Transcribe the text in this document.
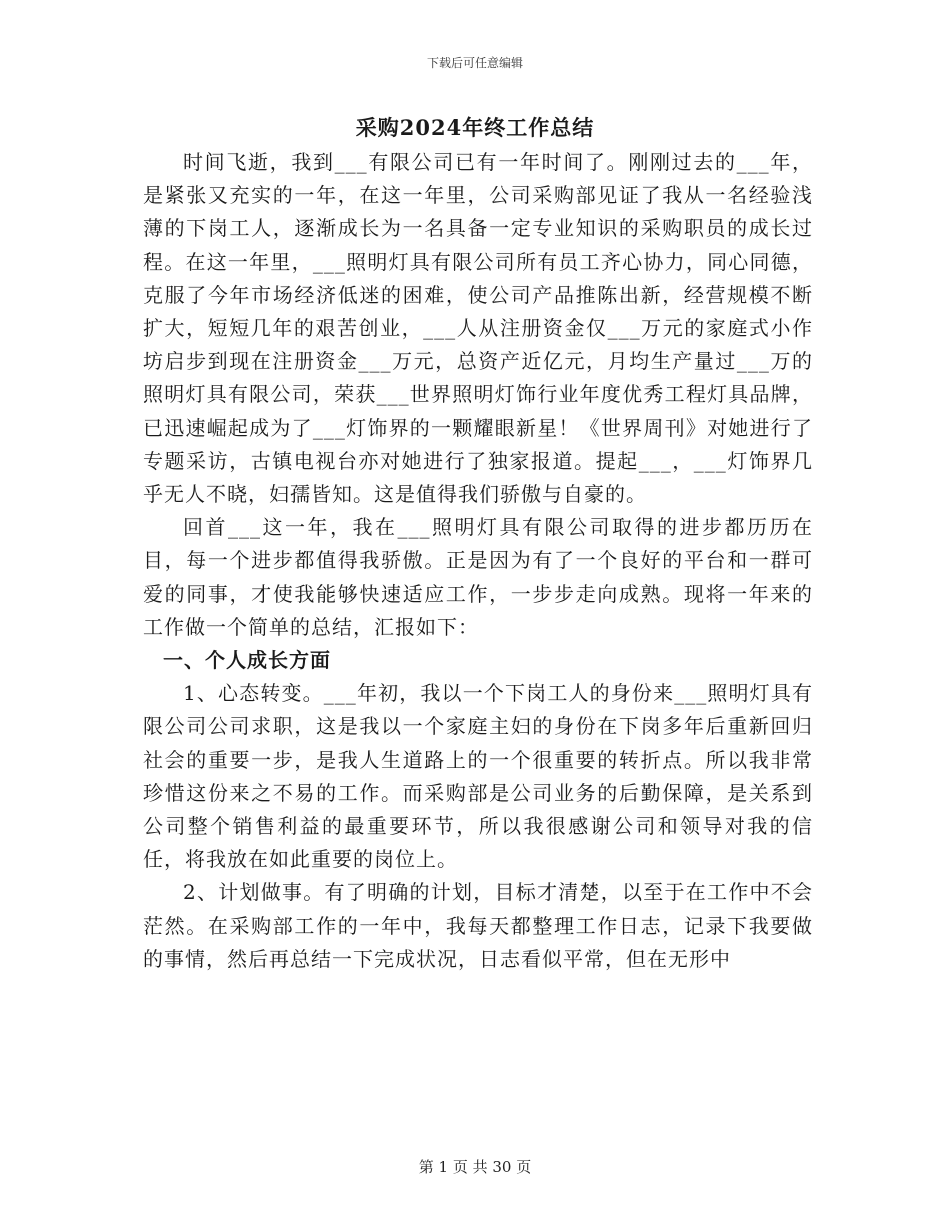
下载后可任意编辑
采购2024年终工作总结

时间飞逝，我到___有限公司已有一年时间了。刚刚过去的___年，是紧张又充实的一年，在这一年里，公司采购部见证了我从一名经验浅薄的下岗工人，逐渐成长为一名具备一定专业知识的采购职员的成长过程。在这一年里，___照明灯具有限公司所有员工齐心协力，同心同德，克服了今年市场经济低迷的困难，使公司产品推陈出新，经营规模不断扩大，短短几年的艰苦创业，___人从注册资金仅___万元的家庭式小作坊启步到现在注册资金___万元，总资产近亿元，月均生产量过___万的照明灯具有限公司，荣获___世界照明灯饰行业年度优秀工程灯具品牌，已迅速崛起成为了___灯饰界的一颗耀眼新星！《世界周刊》对她进行了专题采访，古镇电视台亦对她进行了独家报道。提起___，___灯饰界几乎无人不晓，妇孺皆知。这是值得我们骄傲与自豪的。

回首___这一年，我在___照明灯具有限公司取得的进步都历历在目，每一个进步都值得我骄傲。正是因为有了一个良好的平台和一群可爱的同事，才使我能够快速适应工作，一步步走向成熟。现将一年来的工作做一个简单的总结，汇报如下：

一、个人成长方面

1、心态转变。___年初，我以一个下岗工人的身份来___照明灯具有限公司公司求职，这是我以一个家庭主妇的身份在下岗多年后重新回归社会的重要一步，是我人生道路上的一个很重要的转折点。所以我非常珍惜这份来之不易的工作。而采购部是公司业务的后勤保障，是关系到公司整个销售利益的最重要环节，所以我很感谢公司和领导对我的信任，将我放在如此重要的岗位上。

2、计划做事。有了明确的计划，目标才清楚，以至于在工作中不会茫然。在采购部工作的一年中，我每天都整理工作日志，记录下我要做的事情，然后再总结一下完成状况，日志看似平常，但在无形中

第 1 页 共 30 页
